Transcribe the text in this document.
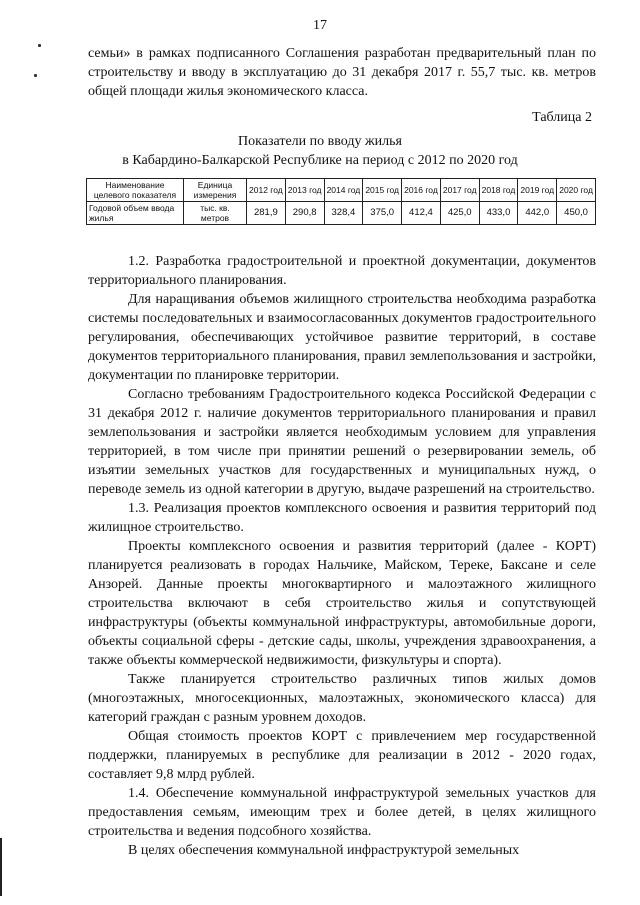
17

семьи» в рамках подписанного Соглашения разработан предварительный план по строительству и вводу в эксплуатацию до 31 декабря 2017 г. 55,7 тыс. кв. метров общей площади жилья экономического класса.

Таблица 2
Показатели по вводу жилья
в Кабардино-Балкарской Республике на период с 2012 по 2020 год
Наименование целевого показателя	Единица измерения	2012 год	2013 год	2014 год	2015 год	2016 год	2017 год	2018 год	2019 год	2020 год
Годовой объем ввода жилья	тыс. кв. метров	281,9	290,8	328,4	375,0	412,4	425,0	433,0	442,0	450,0

1.2. Разработка градостроительной и проектной документации, документов территориального планирования.

Для наращивания объемов жилищного строительства необходима разработка системы последовательных и взаимосогласованных документов градостроительного регулирования, обеспечивающих устойчивое развитие территорий, в составе документов территориального планирования, правил землепользования и застройки, документации по планировке территории.

Согласно требованиям Градостроительного кодекса Российской Федерации с 31 декабря 2012 г. наличие документов территориального планирования и правил землепользования и застройки является необходимым условием для управления территорией, в том числе при принятии решений о резервировании земель, об изъятии земельных участков для государственных и муниципальных нужд, о переводе земель из одной категории в другую, выдаче разрешений на строительство.

1.3. Реализация проектов комплексного освоения и развития территорий под жилищное строительство.

Проекты комплексного освоения и развития территорий (далее - КОРТ) планируется реализовать в городах Нальчике, Майском, Тереке, Баксане и селе Анзорей. Данные проекты многоквартирного и малоэтажного жилищного строительства включают в себя строительство жилья и сопутствующей инфраструктуры (объекты коммунальной инфраструктуры, автомобильные дороги, объекты социальной сферы - детские сады, школы, учреждения здравоохранения, а также объекты коммерческой недвижимости, физкультуры и спорта).

Также планируется строительство различных типов жилых домов (многоэтажных, многосекционных, малоэтажных, экономического класса) для категорий граждан с разным уровнем доходов.

Общая стоимость проектов КОРТ с привлечением мер государственной поддержки, планируемых в республике для реализации в 2012 - 2020 годах, составляет 9,8 млрд рублей.

1.4. Обеспечение коммунальной инфраструктурой земельных участков для предоставления семьям, имеющим трех и более детей, в целях жилищного строительства и ведения подсобного хозяйства.

В целях обеспечения коммунальной инфраструктурой земельных
